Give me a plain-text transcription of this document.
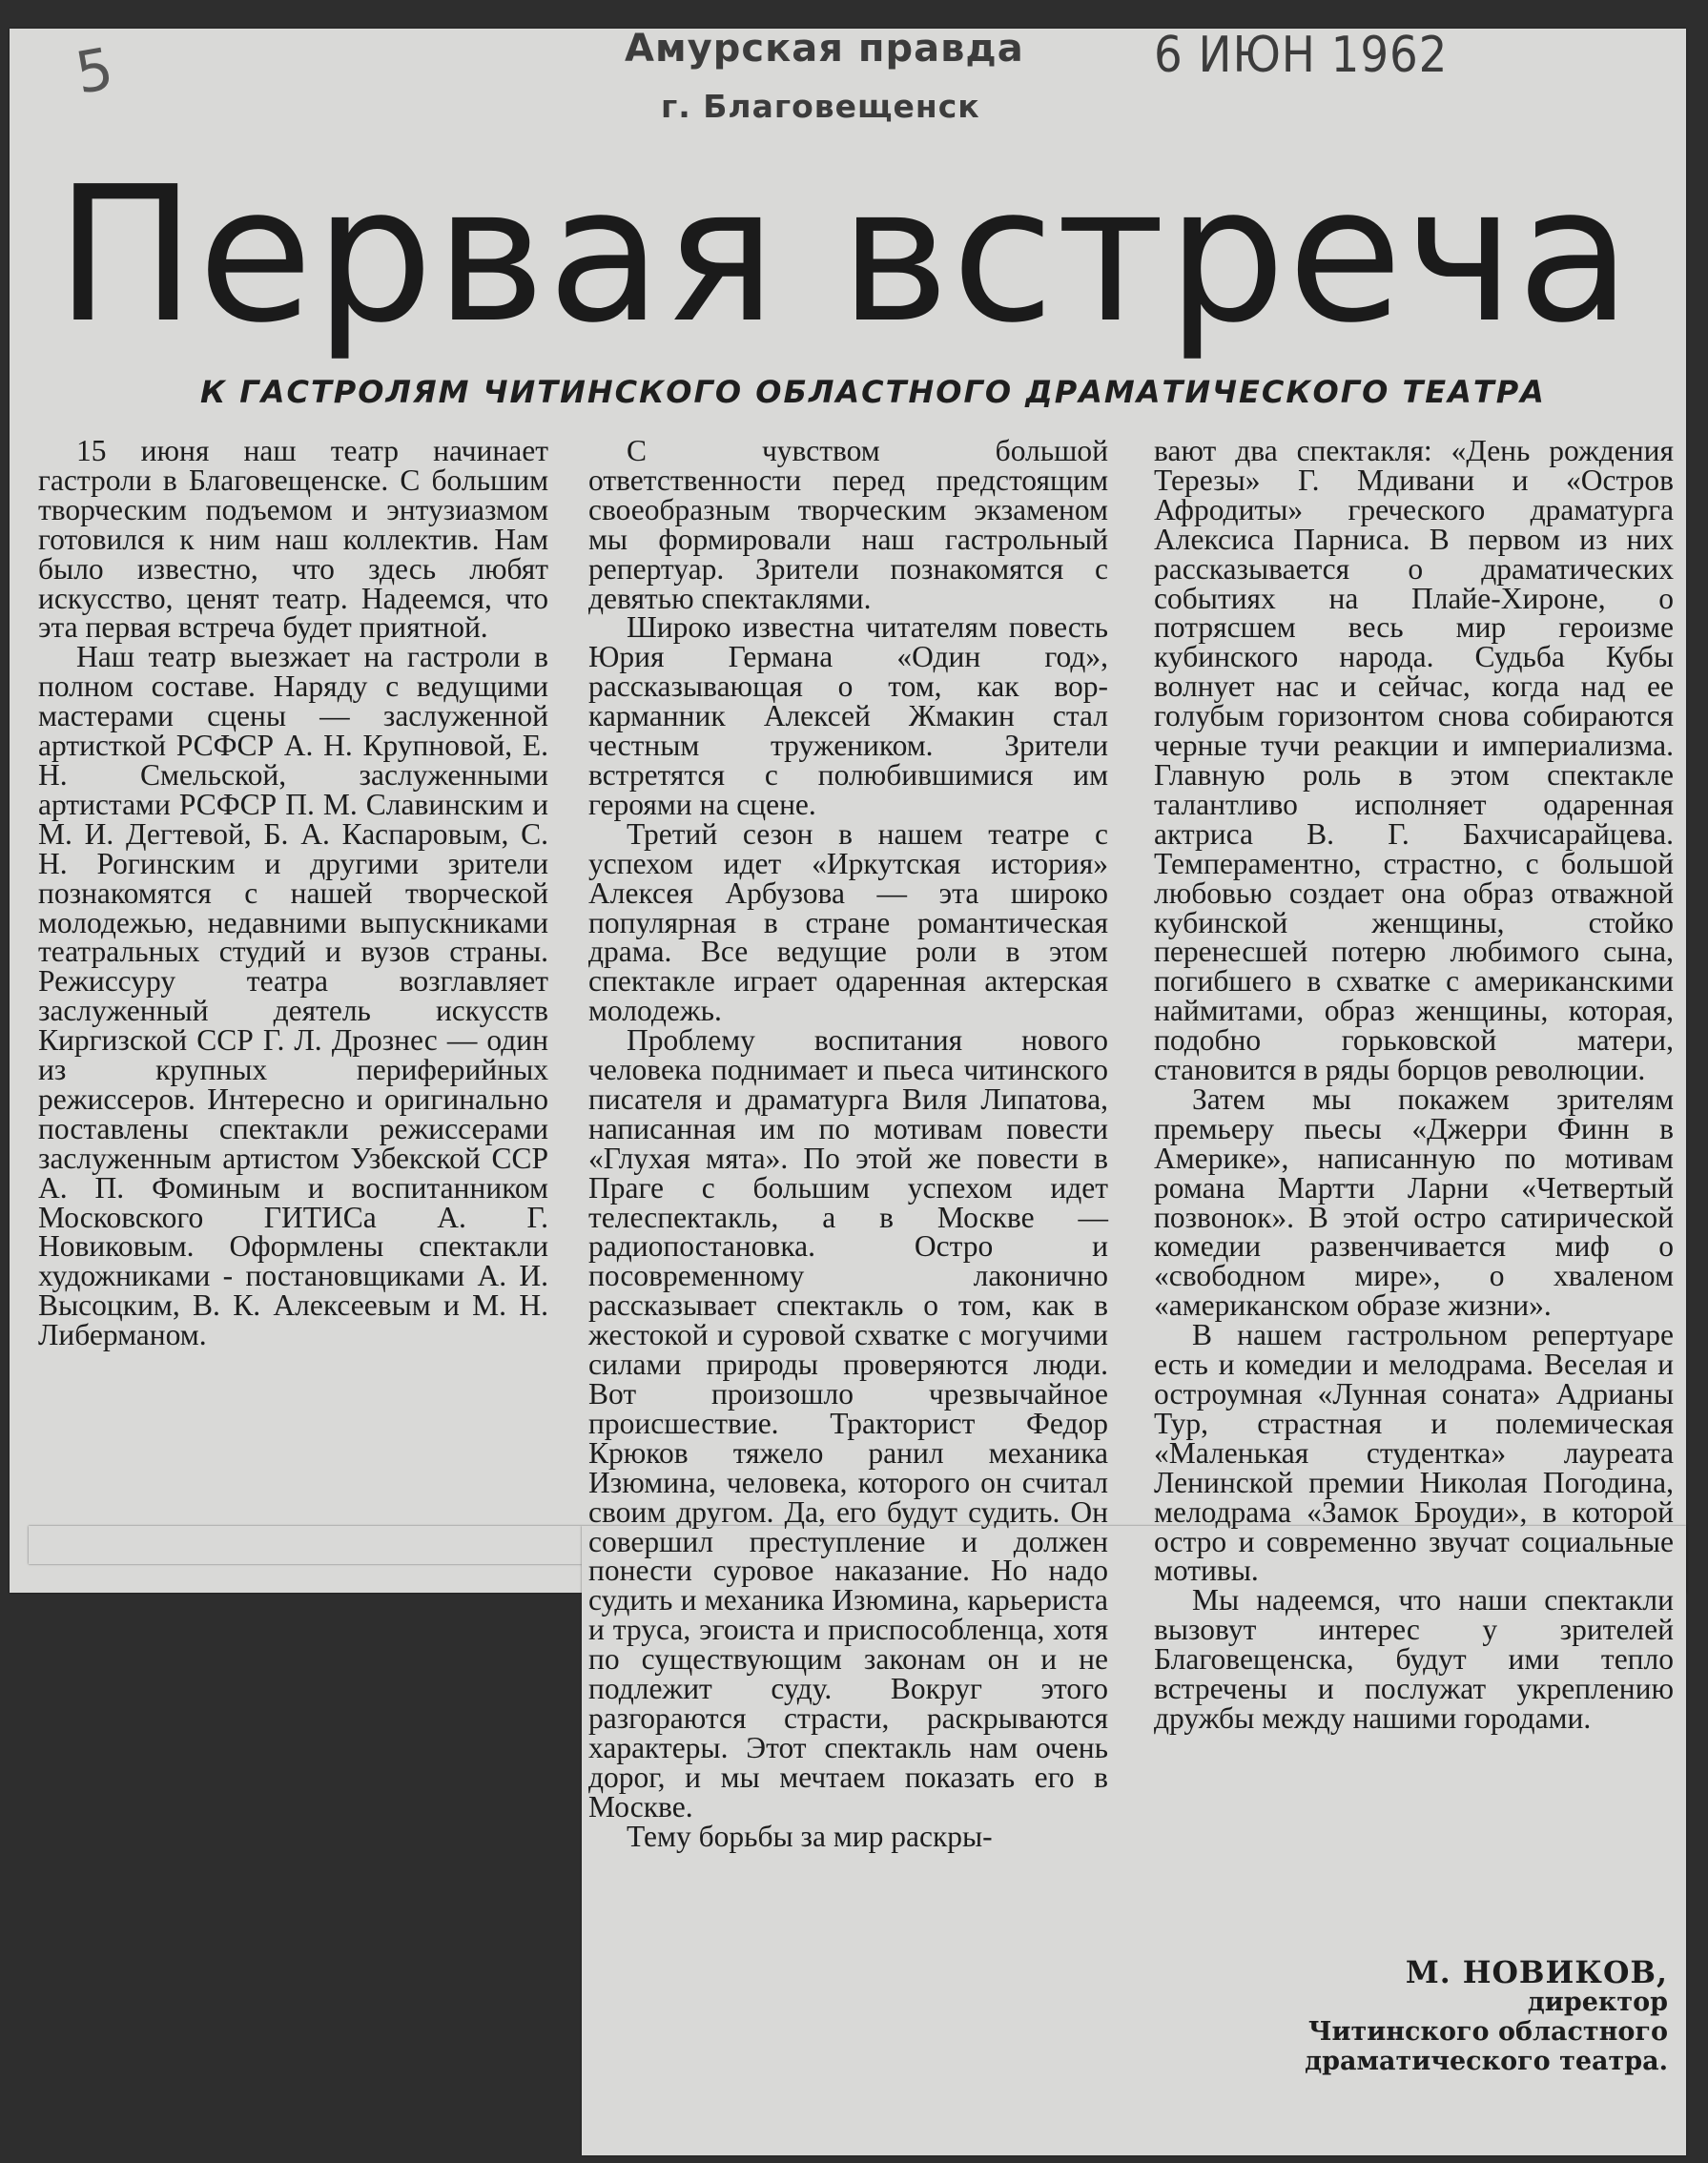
5	Амурская правда
г. Благовещенск
6 ИЮН 1962
Первая встреча
К ГАСТРОЛЯМ ЧИТИНСКОГО ОБЛАСТНОГО ДРАМАТИЧЕСКОГО ТЕАТРА

15 июня наш театр начинает гастроли в Благовещенске. С большим творческим подъемом и энтузиазмом готовился к ним наш коллектив. Нам было известно, что здесь любят искусство, ценят театр. Надеемся, что эта первая встреча будет приятной.

Наш театр выезжает на гастроли в полном составе. Наряду с ведущими мастерами сцены — заслуженной артисткой РСФСР А. Н. Крупновой, Е. Н. Смельской, заслуженными артистами РСФСР П. М. Славинским и М. И. Дегтевой, Б. А. Каспаровым, С. Н. Рогинским и другими зрители познакомятся с нашей творческой молодежью, недавними выпускниками театральных студий и вузов страны. Режиссуру театра возглавляет заслуженный деятель искусств Киргизской ССР Г. Л. Дрознес — один из крупных периферийных режиссеров. Интересно и оригинально поставлены спектакли режиссерами заслуженным артистом Узбекской ССР А. П. Фоминым и воспитанником Московского ГИТИСа А. Г. Новиковым. Оформлены спектакли художниками - постановщиками А. И. Высоцким, В. К. Алексеевым и М. Н. Либерманом.

С чувством большой ответственности перед предстоящим своеобразным творческим экзаменом мы формировали наш гастрольный репертуар. Зрители познакомятся с девятью спектаклями.

Широко известна читателям повесть Юрия Германа «Один год», рассказывающая о том, как вор-карманник Алексей Жмакин стал честным тружеником. Зрители встретятся с полюбившимися им героями на сцене.

Третий сезон в нашем театре с успехом идет «Иркутская история» Алексея Арбузова — эта широко популярная в стране романтическая драма. Все ведущие роли в этом спектакле играет одаренная актерская молодежь.

Проблему воспитания нового человека поднимает и пьеса читинского писателя и драматурга Виля Липатова, написанная им по мотивам повести «Глухая мята». По этой же повести в Праге с большим успехом идет телеспектакль, а в Москве — радиопостановка. Остро и посовременному лаконично рассказывает спектакль о том, как в жестокой и суровой схватке с могучими силами природы проверяются люди. Вот произошло чрезвычайное происшествие. Тракторист Федор Крюков тяжело ранил механика Изюмина, человека, которого он считал своим другом. Да, его будут судить. Он совершил преступление и должен понести суровое наказание. Но надо судить и механика Изюмина, карьериста и труса, эгоиста и приспособленца, хотя по существующим законам он и не подлежит суду. Вокруг этого разгораются страсти, раскрываются характеры. Этот спектакль нам очень дорог, и мы мечтаем показать его в Москве.

Тему борьбы за мир раскры-

вают два спектакля: «День рождения Терезы» Г. Мдивани и «Остров Афродиты» греческого драматурга Алексиса Парниса. В первом из них рассказывается о драматических событиях на Плайе-Хироне, о потрясшем весь мир героизме кубинского народа. Судьба Кубы волнует нас и сейчас, когда над ее голубым горизонтом снова собираются черные тучи реакции и империализма. Главную роль в этом спектакле талантливо исполняет одаренная актриса В. Г. Бахчисарайцева. Темпераментно, страстно, с большой любовью создает она образ отважной кубинской женщины, стойко перенесшей потерю любимого сына, погибшего в схватке с американскими наймитами, образ женщины, которая, подобно горьковской матери, становится в ряды борцов революции.

Затем мы покажем зрителям премьеру пьесы «Джерри Финн в Америке», написанную по мотивам романа Мартти Ларни «Четвертый позвонок». В этой остро сатирической комедии развенчивается миф о «свободном мире», о хваленом «американском образе жизни».

В нашем гастрольном репертуаре есть и комедии и мелодрама. Веселая и остроумная «Лунная соната» Адрианы Тур, страстная и полемическая «Маленькая студентка» лауреата Ленинской премии Николая Погодина, мелодрама «Замок Броуди», в которой остро и современно звучат социальные мотивы.

Мы надеемся, что наши спектакли вызовут интерес у зрителей Благовещенска, будут ими тепло встречены и послужат укреплению дружбы между нашими городами.

М. НОВИКОВ,
директор
Читинского областного
драматического театра.
